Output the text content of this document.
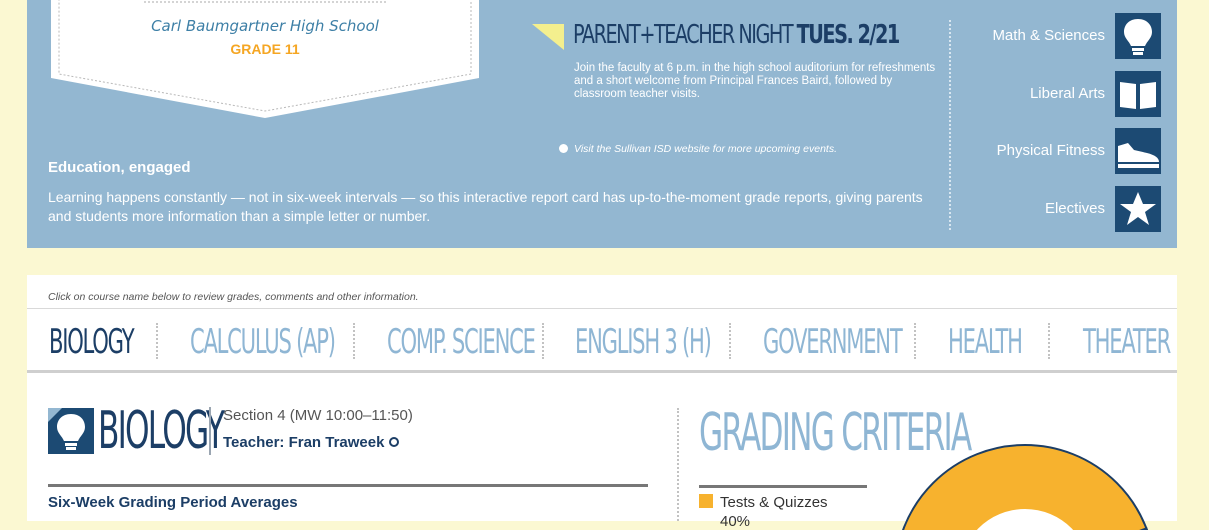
Carl Baumgartner High School
GRADE 11	PARENT+TEACHER NIGHT TUES. 2/21
Join the faculty at 6 p.m. in the high school auditorium for refreshments and a short welcome from Principal Frances Baird, followed by classroom teacher visits.
Visit the Sullivan ISD website for more upcoming events.
Education, engaged
Learning happens constantly — not in six-week intervals — so this interactive report card has up-to-the-moment grade reports, giving parents and students more information than a simple letter or number.
Math & Sciences
Liberal Arts
Physical Fitness
Electives
Click on course name below to review grades, comments and other information.
BIOLOGY CALCULUS (AP) COMP. SCIENCE ENGLISH 3 (H) GOVERNMENT HEALTH THEATER
BIOLOGY Section 4 (MW 10:00–11:50)
Teacher: Fran Traweek
Six-Week Grading Period Averages
GRADING CRITERIA
Tests & Quizzes
40%
